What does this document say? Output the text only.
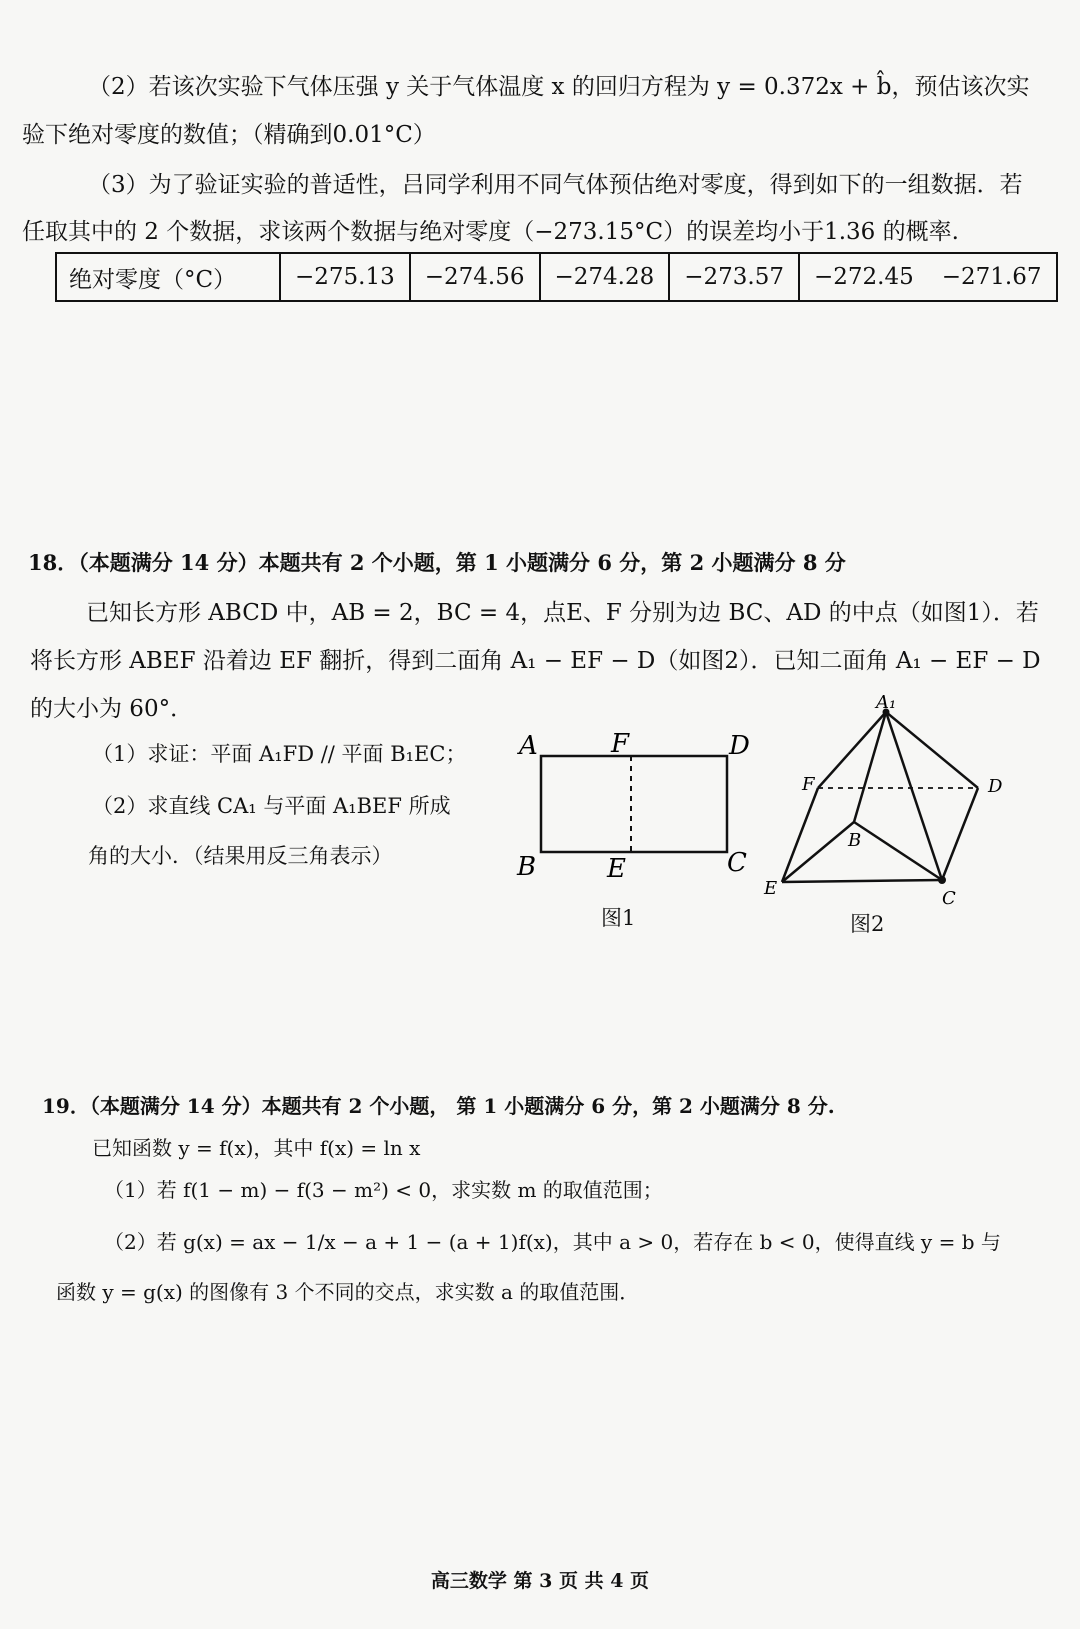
（2）若该次实验下气体压强 y 关于气体温度 x 的回归方程为 y = 0.372x + b̂，预估该次实
验下绝对零度的数值；（精确到0.01°C）
（3）为了验证实验的普适性，吕同学利用不同气体预估绝对零度，得到如下的一组数据．若
任取其中的 2 个数据，求该两个数据与绝对零度（−273.15°C）的误差均小于1.36 的概率.
绝对零度（°C）	−275.13	−274.56	−274.28	−273.57	−272.45	−271.67
18．（本题满分 14 分）本题共有 2 个小题，第 1 小题满分 6 分，第 2 小题满分 8 分
已知长方形 ABCD 中，AB = 2，BC = 4，点E、F 分别为边 BC、AD 的中点（如图1）．若
将长方形 ABEF 沿着边 EF 翻折，得到二面角 A₁ − EF − D（如图2）．已知二面角 A₁ − EF − D
的大小为 60°．
（1）求证：平面 A₁FD // 平面 B₁EC；
（2）求直线 CA₁ 与平面 A₁BEF 所成
角的大小．（结果用反三角表示）
A	F	D
B	E	C
图1
A₁
F	D
B
E	C
图2
19．（本题满分 14 分）本题共有 2 个小题， 第 1 小题满分 6 分，第 2 小题满分 8 分.
已知函数 y = f(x)，其中 f(x) = ln x
（1）若 f(1 − m) − f(3 − m²) < 0，求实数 m 的取值范围；
（2）若 g(x) = ax − 1/x − a + 1 − (a + 1)f(x)，其中 a > 0，若存在 b < 0，使得直线 y = b 与
函数 y = g(x) 的图像有 3 个不同的交点，求实数 a 的取值范围．
高三数学 第 3 页 共 4 页
